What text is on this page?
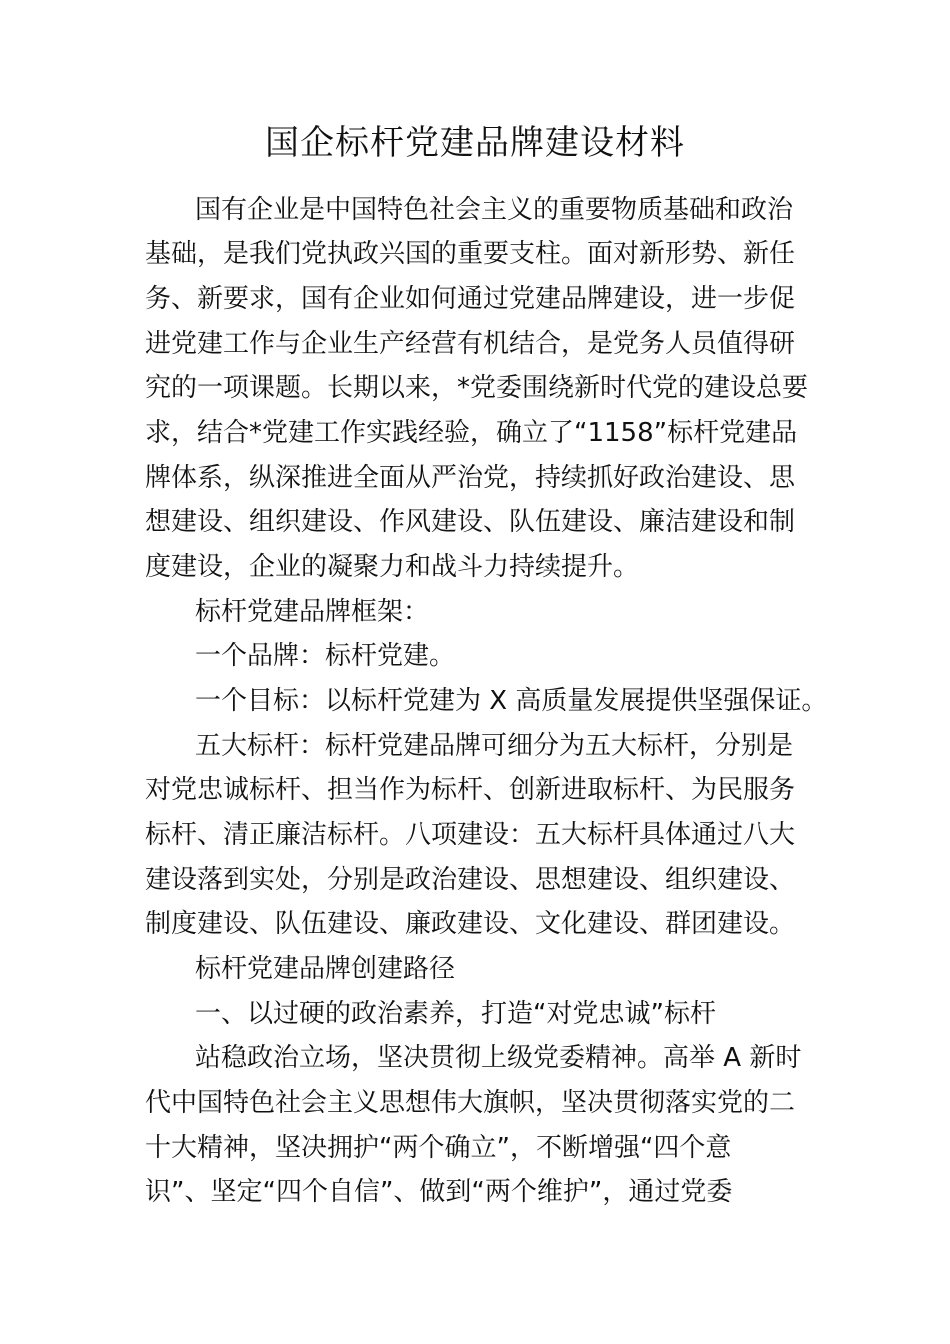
国企标杆党建品牌建设材料
国有企业是中国特色社会主义的重要物质基础和政治
基础，是我们党执政兴国的重要支柱。面对新形势、新任
务、新要求，国有企业如何通过党建品牌建设，进一步促
进党建工作与企业生产经营有机结合，是党务人员值得研
究的一项课题。长期以来，*党委围绕新时代党的建设总要
求，结合*党建工作实践经验，确立了“1158”标杆党建品
牌体系，纵深推进全面从严治党，持续抓好政治建设、思
想建设、组织建设、作风建设、队伍建设、廉洁建设和制
度建设，企业的凝聚力和战斗力持续提升。
标杆党建品牌框架：
一个品牌：标杆党建。
一个目标：以标杆党建为 X 高质量发展提供坚强保证。
五大标杆：标杆党建品牌可细分为五大标杆，分别是
对党忠诚标杆、担当作为标杆、创新进取标杆、为民服务
标杆、清正廉洁标杆。八项建设：五大标杆具体通过八大
建设落到实处，分别是政治建设、思想建设、组织建设、
制度建设、队伍建设、廉政建设、文化建设、群团建设。
标杆党建品牌创建路径
一、以过硬的政治素养，打造“对党忠诚”标杆
站稳政治立场，坚决贯彻上级党委精神。高举 A 新时
代中国特色社会主义思想伟大旗帜，坚决贯彻落实党的二
十大精神，坚决拥护“两个确立”，不断增强“四个意
识”、坚定“四个自信”、做到“两个维护”，通过党委
